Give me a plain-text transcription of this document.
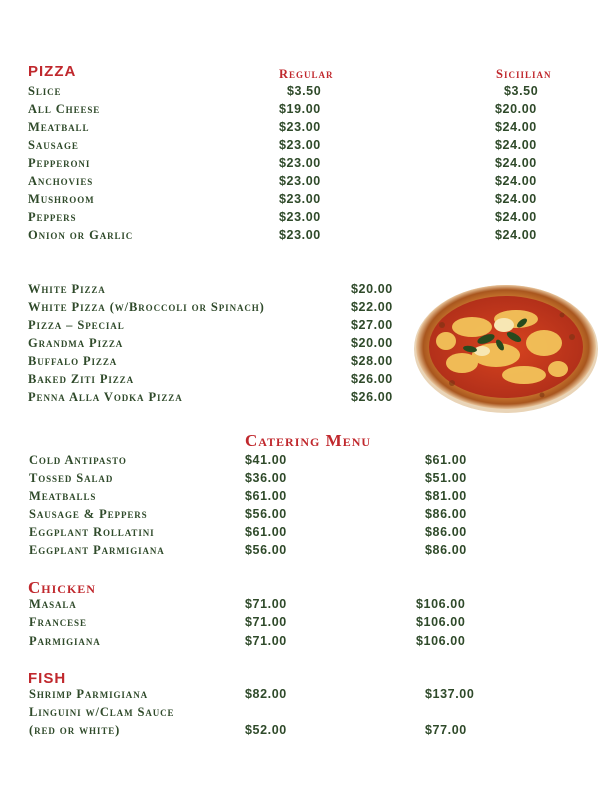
PIZZA	Regular	Siciilian
Slice	$3.50	$3.50
All Cheese	$19.00	$20.00
Meatball	$23.00	$24.00
Sausage	$23.00	$24.00
Pepperoni	$23.00	$24.00
Anchovies	$23.00	$24.00
Mushroom	$23.00	$24.00
Peppers	$23.00	$24.00
Onion or Garlic	$23.00	$24.00
White Pizza	$20.00
White Pizza (w/Broccoli or Spinach)	$22.00
Pizza – Special	$27.00
Grandma Pizza	$20.00
Buffalo Pizza	$28.00
Baked Ziti Pizza	$26.00
Penna Alla Vodka Pizza	$26.00
Catering Menu
Cold Antipasto	$41.00	$61.00
Tossed Salad	$36.00	$51.00
Meatballs	$61.00	$81.00
Sausage & Peppers	$56.00	$86.00
Eggplant Rollatini	$61.00	$86.00
Eggplant Parmigiana	$56.00	$86.00
Chicken
Masala	$71.00	$106.00
Francese	$71.00	$106.00
Parmigiana	$71.00	$106.00
FISH
Shrimp Parmigiana	$82.00	$137.00
Linguini w/Clam Sauce
(red or white)	$52.00	$77.00
